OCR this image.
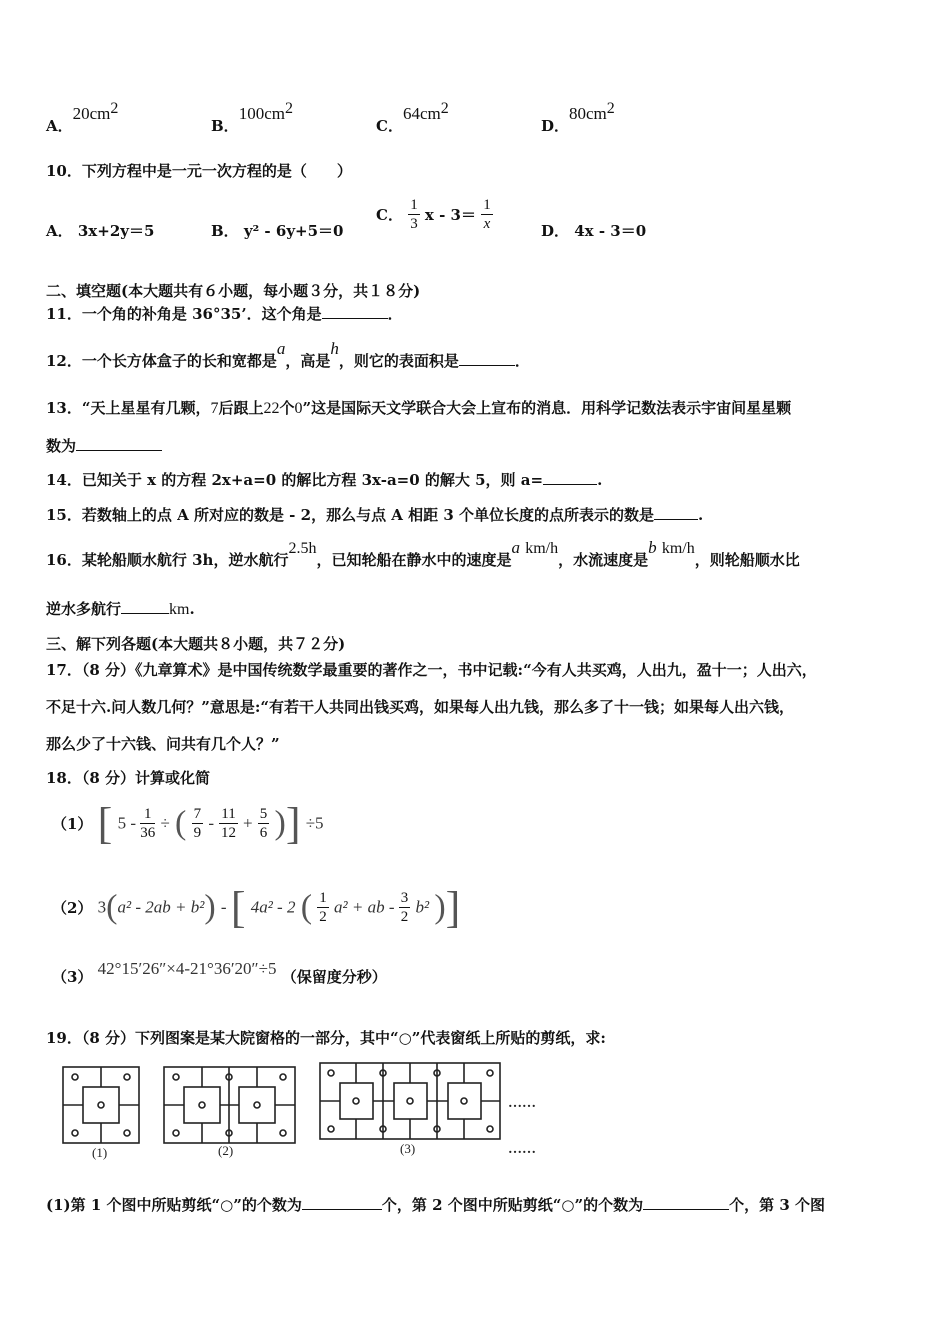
A．$20cm^2$
B．$100cm^2$
C．$64cm^2$
D．$80cm^2$
10．下列方程中是一元一次方程的是（　　）
A． 3x+2y＝5	B． y² - 6y+5＝0
C． $\frac{1}{3}$ $x - 3= \frac{1}{x}$	D． 4x - 3＝0
二、填空题(本大题共有６小题，每小题３分，共１８分)
11．一个角的补角是 36°35’．这个角是	．
12．一个长方体盒子的长和宽都是a，高是h，则它的表面积是	．
13．“天上星星有几颗，7后跟上22个0”这是国际天文学联合大会上宣布的消息．用科学记数法表示宇宙间星星颗
数为
14．已知关于 x 的方程 2x+a=0 的解比方程 3x-a=0 的解大 5，则 a=	.
15．若数轴上的点 A 所对应的数是 - 2，那么与点 A 相距 3 个单位长度的点所表示的数是	.
16．某轮船顺水航行 3h，逆水航行2.5h，已知轮船在静水中的速度是a km/h，水流速度是b km/h，则轮船顺水比
逆水多航行	km.
三、解下列各题(本大题共８小题，共７２分)
17．（8 分）《九章算术》是中国传统数学最重要的著作之一，书中记载:“今有人共买鸡，人出九，盈十一；人出六，
不足十六.问人数几何？”意思是:“有若干人共同出钱买鸡，如果每人出九钱，那么多了十一钱；如果每人出六钱，
那么少了十六钱、问共有几个人？”
18．（8 分）计算或化简
（1） [ $5 - \frac{1}{36}$ ÷ ( $\frac{7}{9} - \frac{11}{12} + \frac{5}{6}$ )] ÷5
（2） 3(a² - 2ab + b²) - [ 4a² - 2 ( $\frac{1}{2} a^2$ + ab - $\frac{3}{2} b^2$ )]
（3） 42°15′26″×4-21°36′20″÷5 （保留度分秒）
19．（8 分）下列图案是某大院窗格的一部分，其中“○”代表窗纸上所贴的剪纸，求:
(1)	(2)	(3)
……
……
(1)第 1 个图中所贴剪纸“○”的个数为	个，第 2 个图中所贴剪纸“○”的个数为	个，第 3 个图
